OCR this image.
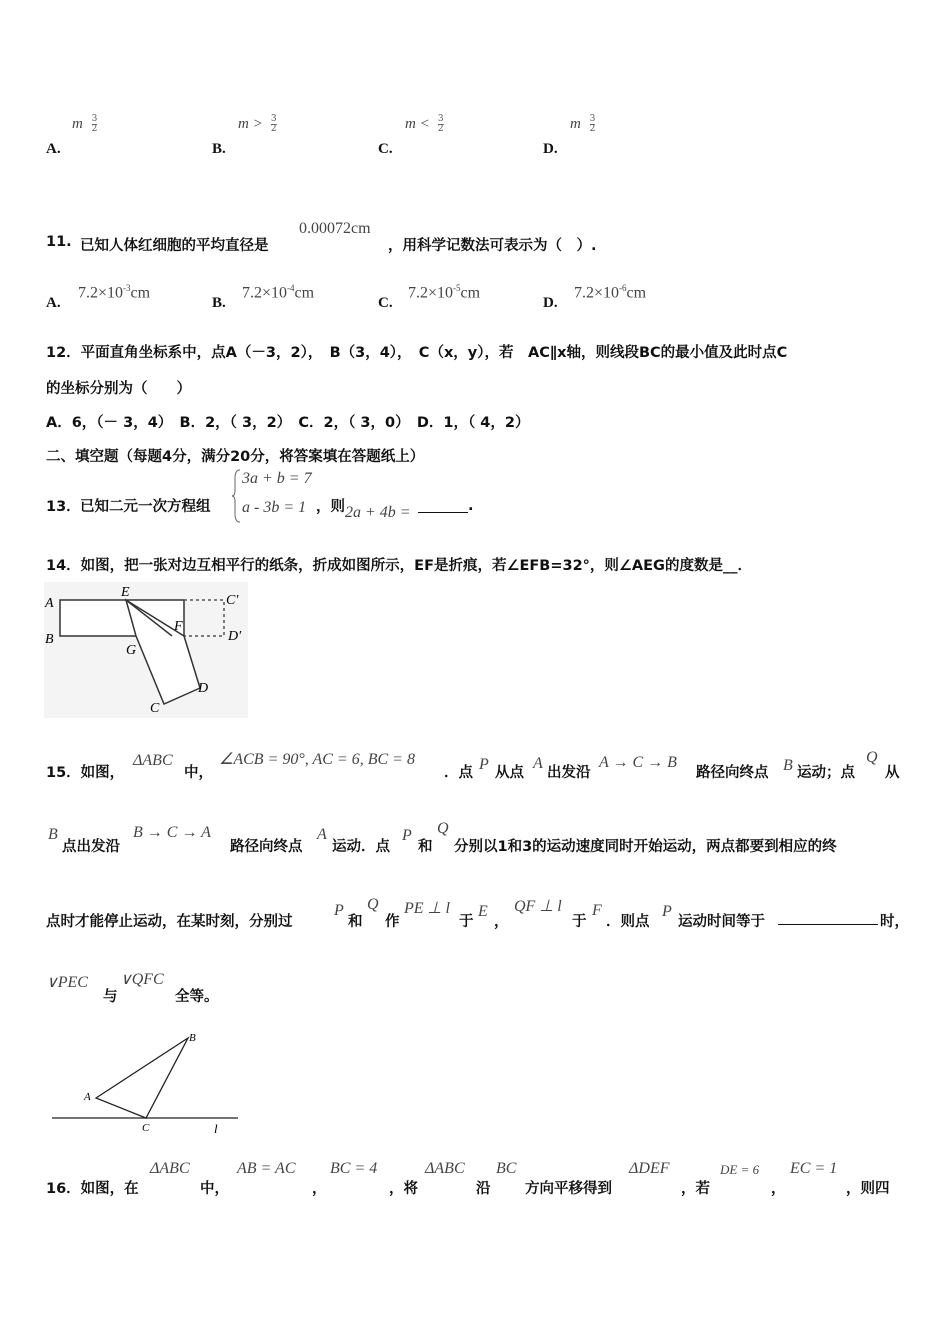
m $\frac{3}{2}$
A.
$m > \frac{3}{2}$
B.
$m < \frac{3}{2}$
C.
m $\frac{3}{2}$
D.
11. 已知人体红细胞的平均直径是
0.00072cm
，用科学记数法可表示为（　）.
A.
$7.2\times 10^{-3}cm$
B.
$7.2\times 10^{-4}cm$
C.
$7.2\times 10^{-5}cm$
D.
$7.2\times 10^{-6}cm$
12．平面直角坐标系中，点A（－3，2），　B（3，4），　C（x，y），若　AC∥x轴，则线段BC的最小值及此时点C
的坐标分别为（　　）
A．6，（－ 3，4）　B．2，（ 3，2）　C．2，（ 3，0）　D．1，（ 4，2）
二、填空题（每题4分，满分20分，将答案填在答题纸上）
13． 已知二元一次方程组
3a + b = 7
a - 3b = 1 ，则 2a + 4b =	.
14．如图，把一张对边互相平行的纸条，折成如图所示，EF是折痕，若∠EFB=32°，则∠AEG的度数是__．
A
E
C′
B
F
D′
G
D
C
15．如图，
ΔABC
中，
∠ACB = 90°, AC = 6, BC = 8
．点 P 从点
A
出发沿
A → C → B
路径向终点 B 运动；点
Q
从
B
点出发沿
B → C → A
路径向终点
A
运动．点
P
和
Q
分别以1和3的运动速度同时开始运动，两点都要到相应的终
点时才能停止运动，在某时刻，分别过
P
和
Q
作
PE ⊥ l
于
E
，
QF ⊥ l
于
F
．则点
P
运动时间等于	时，
∨PEC
与
∨QFC
全等。
A
B
C	l
16．如图，在
ΔABC
中，
AB = AC
，
BC = 4
，将
ΔABC
沿
BC
方向平移得到
ΔDEF
，若
DE = 6
，
EC = 1
，则四
